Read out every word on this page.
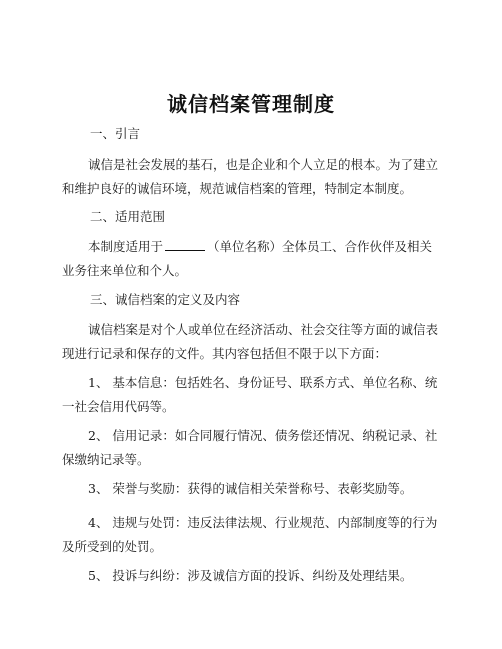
诚信档案管理制度
一、引言

诚信是社会发展的基石，也是企业和个人立足的根本。为了建立和维护良好的诚信环境，规范诚信档案的管理，特制定本制度。

二、适用范围

本制度适用于	（单位名称）全体员工、合作伙伴及相关业务往来单位和个人。

三、诚信档案的定义及内容

诚信档案是对个人或单位在经济活动、社会交往等方面的诚信表现进行记录和保存的文件。其内容包括但不限于以下方面：

1、 基本信息：包括姓名、身份证号、联系方式、单位名称、统一社会信用代码等。

2、 信用记录：如合同履行情况、债务偿还情况、纳税记录、社保缴纳记录等。

3、 荣誉与奖励：获得的诚信相关荣誉称号、表彰奖励等。

4、 违规与处罚：违反法律法规、行业规范、内部制度等的行为及所受到的处罚。

5、 投诉与纠纷：涉及诚信方面的投诉、纠纷及处理结果。
